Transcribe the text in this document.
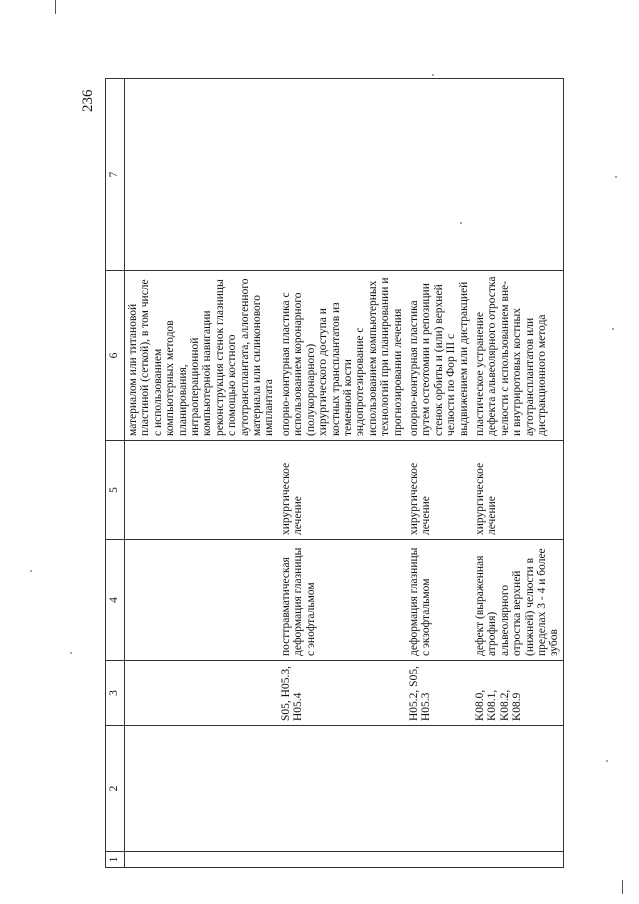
236
1	2	3	4	5	6	7
					материалом или титановой пластиной (сеткой), в том числе с использованием компьютерных методов планирования, интраоперационной компьютерной навигации
реконструкция стенок глазницы с помощью костного аутотрансплантата, аллогенного материала или силиконового имплантата	
		S05, H05.3, H05.4	посттравматическая деформация глазницы с энофтальмом	хирургическое лечение	опорно-контурная пластика с использованием коронарного (полукоронарного) хирургического доступа и костных трансплантатов из теменной кости
эндопротезирование с использованием компьютерных технологий при планировании и прогнозировании лечения	
		H05.2, S05, H05.3	деформация глазницы с экзофтальмом	хирургическое лечение	опорно-контурная пластика путем остеотомии и репозиции стенок орбиты и (или) верхней челюсти по Фор III с выдвижением или дистракцией	
		K08.0, K08.1, K08.2, K08.9	дефект (выраженная атрофия) альвеолярного отростка верхней (нижней) челюсти в пределах 3 - 4 и более зубов	хирургическое лечение	пластическое устранение дефекта альвеолярного отростка челюсти с использованием вне- и внутриротовых костных аутотрансплантатов или дистракционного метода	
